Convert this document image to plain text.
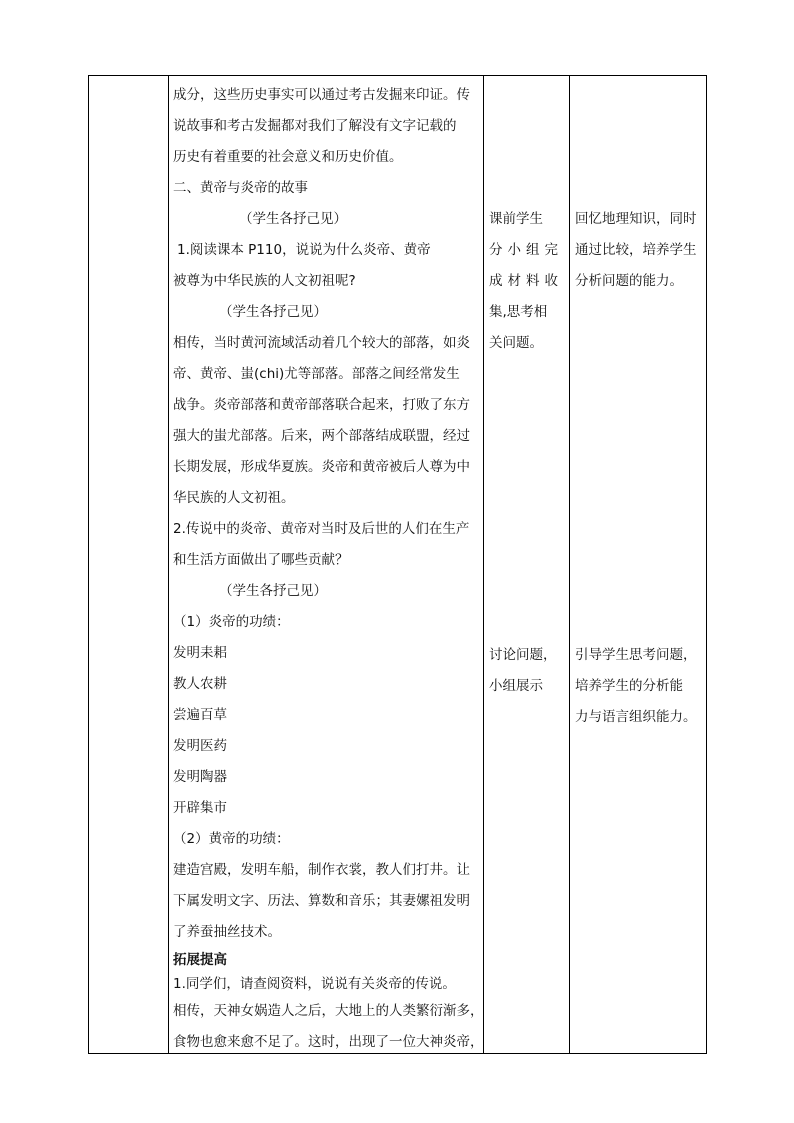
成分，这些历史事实可以通过考古发掘来印证。传
说故事和考古发掘都对我们了解没有文字记载的
历史有着重要的社会意义和历史价值。
二、黄帝与炎帝的故事
（学生各抒己见）
1.阅读课本 P110，说说为什么炎帝、黄帝
被尊为中华民族的人文初祖呢?
（学生各抒己见）
相传，当时黄河流域活动着几个较大的部落，如炎
帝、黄帝、蚩(chi)尤等部落。部落之间经常发生
战争。炎帝部落和黄帝部落联合起来，打败了东方
强大的蚩尤部落。后来，两个部落结成联盟，经过
长期发展，形成华夏族。炎帝和黄帝被后人尊为中
华民族的人文初祖。
2.传说中的炎帝、黄帝对当时及后世的人们在生产
和生活方面做出了哪些贡献？
（学生各抒己见）
（1）炎帝的功绩：
发明耒耜
教人农耕
尝遍百草
发明医药
发明陶器
开辟集市
（2）黄帝的功绩：
建造宫殿，发明车船，制作衣裳，教人们打井。让
下属发明文字、历法、算数和音乐；其妻嫘祖发明
了养蚕抽丝技术。
拓展提高
1.同学们，请查阅资料，说说有关炎帝的传说。
相传，天神女娲造人之后，大地上的人类繁衍渐多，
食物也愈来愈不足了。这时，出现了一位大神炎帝，
课前学生
分小组完
成材料收
集,思考相
关问题。
讨论问题，
小组展示
回忆地理知识，同时
通过比较，培养学生
分析问题的能力。
引导学生思考问题，
培养学生的分析能
力与语言组织能力。
